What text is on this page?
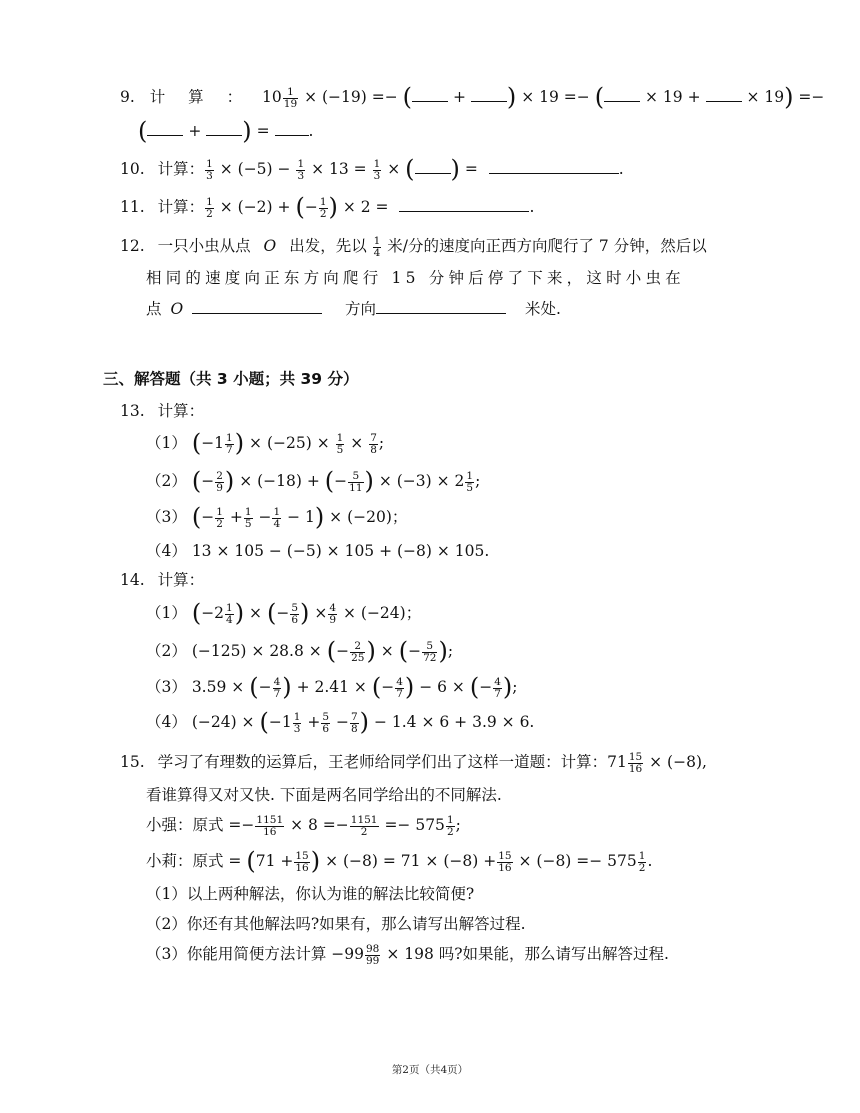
9. 计 算 ： $10 \frac{1}{19} \times (-19)$ =− (	+ ) × 19 =− (	× 19 +	× 19) =−
(	+ ) =	.
10. 计算： $\frac{1}{3} \times (-5) - \frac{1}{3} \times 13 = \frac{1}{3}$ × ( ) =	.
11. 计算： $\frac{1}{2} \times (-2)$ + (− $\frac{1}{2}$ ) × 2 =	.
12. 一只小虫从点 O 出发，先以 $\frac{1}{4}$ 米/分的速度向正西方向爬行了 7 分钟，然后以
相同的速度向正东方向爬行 15 分钟后停了下来，这时小虫在
点 O	方向	米处.
三、解答题（共 3 小题；共 39 分）
13. 计算：
（1） ($-1 \frac{1}{7}$ ) × $(-25) \times \frac{1}{5} \times \frac{7}{8}$ ;
（2） (− $\frac{2}{9}$ ) × (−18) + (− $\frac{5}{11}$ ) × $(-3) \times 2 \frac{1}{5}$ ;
（3） (− $\frac{1}{2} + \frac{1}{5} - \frac{1}{4} - 1) \times (-20)$；
（4） 13 × 105 − (−5) × 105 + (−8) × 105.
14. 计算：
（1） ($-2 \frac{1}{4}$ ) × (− $\frac{5}{6}$ ) × $\frac{4}{9} \times (-24)$；
（2） (−125) × 28.8 × (− $\frac{2}{25}$ ) × (− $\frac{5}{72}$ );
（3） 3.59 × (− $\frac{4}{7}$ ) + 2.41 × (− $\frac{4}{7}$ ) − 6 × (− $\frac{4}{7}$ );
（4） $(-24) \times (-1 \frac{1}{3} + \frac{5}{6} - \frac{7}{8}$ ) − 1.4 × 6 + 3.9 × 6.
15. 学习了有理数的运算后，王老师给同学们出了这样一道题：计算：$71 \frac{15}{16} \times (-8)$,
看谁算得又对又快. 下面是两名同学给出的不同解法.
小强：原式 =− $\frac{1151}{16} \times 8 =- \frac{1151}{2} =- 575 \frac{1}{2}$ ;
小莉：原式 = ($71 + \frac{15}{16}$ ) × $(-8) = 71 \times (-8) + \frac{15}{16} \times (-8) =- 575 \frac{1}{2}$ .
（1）以上两种解法，你认为谁的解法比较简便?
（2）你还有其他解法吗?如果有，那么请写出解答过程.
（3）你能用简便方法计算 $-99 \frac{98}{99} \times 198$ 吗?如果能，那么请写出解答过程.
第2页（共4页）
